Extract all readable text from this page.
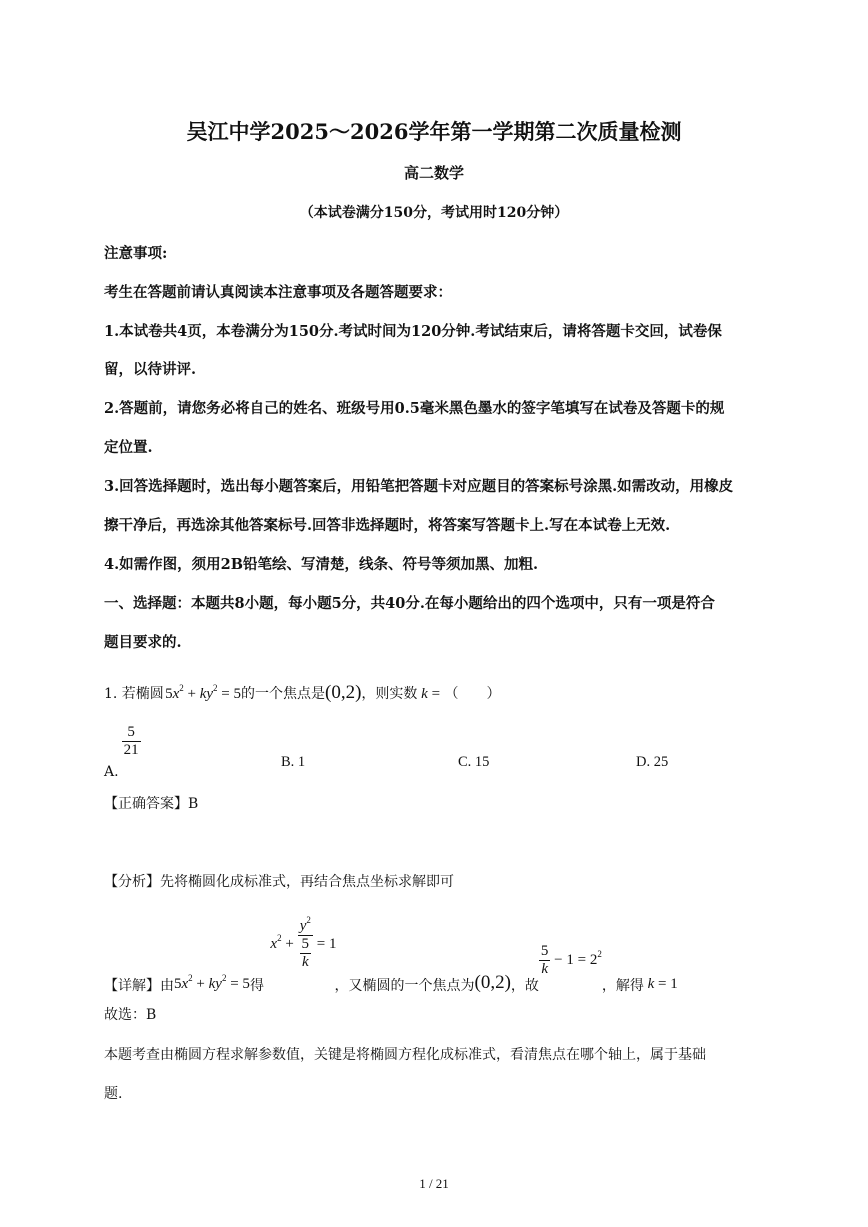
吴江中学2025～2026学年第一学期第二次质量检测
高二数学
（本试卷满分150分，考试用时120分钟）
注意事项:
考生在答题前请认真阅读本注意事项及各题答题要求：
1.本试卷共4页，本卷满分为150分.考试时间为120分钟.考试结束后，请将答题卡交回，试卷保
留，以待讲评.
2.答题前，请您务必将自己的姓名、班级号用0.5毫米黑色墨水的签字笔填写在试卷及答题卡的规
定位置.
3.回答选择题时，选出每小题答案后，用铅笔把答题卡对应题目的答案标号涂黑.如需改动，用橡皮
擦干净后，再选涂其他答案标号.回答非选择题时，将答案写答题卡上.写在本试卷上无效.
4.如需作图，须用2B铅笔绘、写清楚，线条、符号等须加黑、加粗.
一、选择题：本题共8小题，每小题5分，共40分.在每小题给出的四个选项中，只有一项是符合
题目要求的.
1. 若椭圆 $5x^2 + ky^2 = 5$的一个焦点是(0,2)，则实数 k = （　　）
A.
$\frac{5}{21}$
B. 1	C. 15	D. 25
【正确答案】B
【分析】先将椭圆化成标准式，再结合焦点坐标求解即可
【详解】由$5x^2 + ky^2 = 5$得 $x^2 + \frac{y^2}{\frac{5}{k}} = 1$，又椭圆的一个焦点为(0,2)，故
$\frac{5}{k} - 1 = 2^2$，解得 k = 1
故选：B
本题考查由椭圆方程求解参数值，关键是将椭圆方程化成标准式，看清焦点在哪个轴上，属于基础
题.
1 / 21
